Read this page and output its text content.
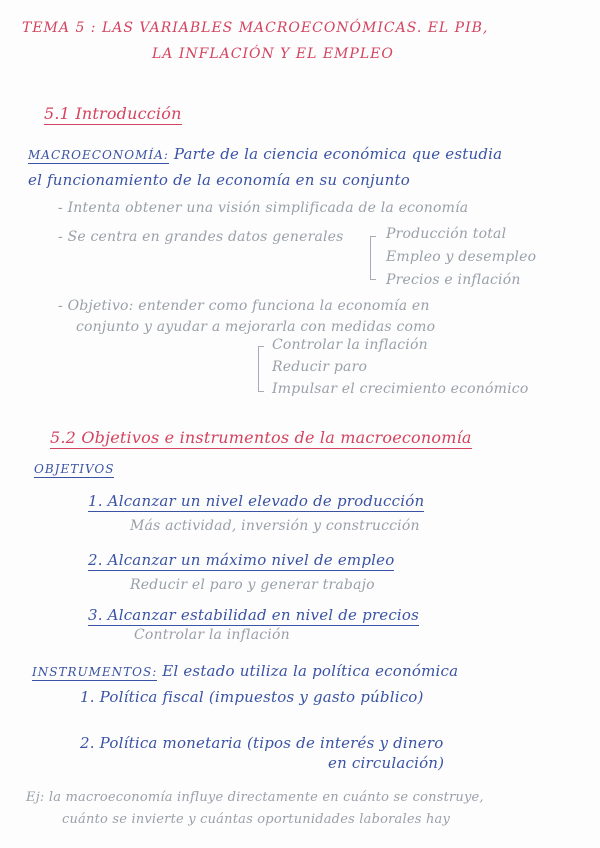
TEMA 5 : LAS VARIABLES MACROECONÓMICAS. EL PIB,
LA INFLACIÓN Y EL EMPLEO
5.1 Introducción
MACROECONOMÍA: Parte de la ciencia económica que estudia
el funcionamiento de la economía en su conjunto
- Intenta obtener una visión simplificada de la economía
- Se centra en grandes datos generales	Producción total
Empleo y desempleo
Precios e inflación
- Objetivo: entender como funciona la economía en
conjunto y ayudar a mejorarla con medidas como
Controlar la inflación
Reducir paro
Impulsar el crecimiento económico
5.2 Objetivos e instrumentos de la macroeconomía
OBJETIVOS
1. Alcanzar un nivel elevado de producción
Más actividad, inversión y construcción
2. Alcanzar un máximo nivel de empleo
Reducir el paro y generar trabajo
3. Alcanzar estabilidad en nivel de precios
Controlar la inflación
INSTRUMENTOS: El estado utiliza la política económica
1. Política fiscal (impuestos y gasto público)
2. Política monetaria (tipos de interés y dinero
en circulación)
Ej: la macroeconomía influye directamente en cuánto se construye,
cuánto se invierte y cuántas oportunidades laborales hay
